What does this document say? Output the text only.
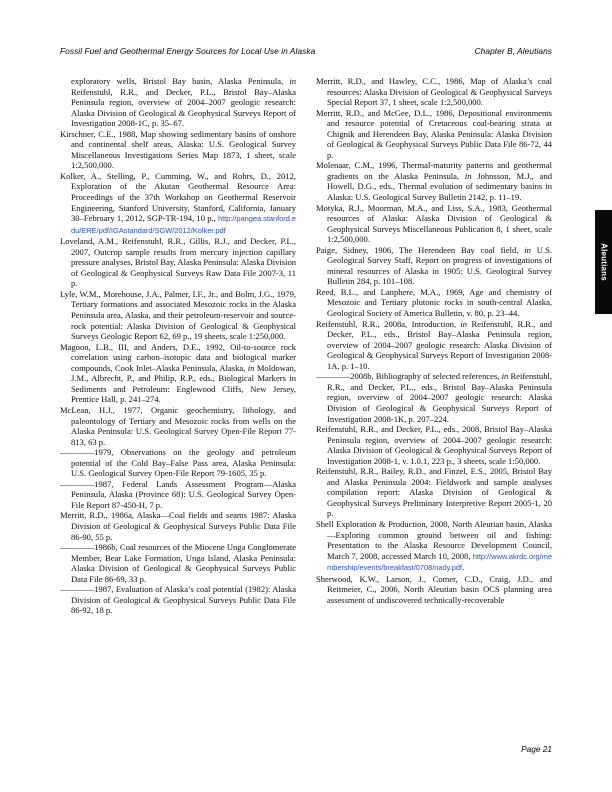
Fossil Fuel and Geothermal Energy Sources for Local Use in Alaska	Chapter B, Aleutians

exploratory wells, Bristol Bay basin, Alaska Peninsula, in Reifenstuhl, R.R., and Decker, P.L., Bristol Bay–Alaska Peninsula region, overview of 2004–2007 geologic research: Alaska Division of Geological & Geophysical Surveys Report of Investigation 2008-1C, p. 35–67.

Kirschner, C.E., 1988, Map showing sedimentary basins of onshore and continental shelf areas, Alaska: U.S. Geological Survey Miscellaneous Investigations Series Map 1873, 1 sheet, scale 1:2,500,000.

Kolker, A., Stelling, P., Cumming, W., and Rohrs, D., 2012, Exploration of the Akutan Geothermal Resource Area: Proceedings of the 37th Workshop on Geothermal Reservoir Engineering, Stanford University, Stanford, California, January 30–February 1, 2012, SGP-TR-194, 10 p., http://pangea.stanford.edu/ERE/pdf/IGAstandard/SGW/2012/Kolker.pdf

Loveland, A.M., Reifenstuhl, R.R., Gillis, R.J., and Decker, P.L., 2007, Outcrop sample results from mercury injection capillary pressure analyses, Bristol Bay, Alaska Peninsula: Alaska Division of Geological & Geophysical Surveys Raw Data File 2007-3, 11 p.

Lyle, W.M., Morehouse, J.A., Palmer, I.F., Jr., and Bolm, J.G., 1979, Tertiary formations and associated Mesozoic rocks in the Alaska Peninsula area, Alaska, and their petroleum-reservoir and source-rock potential: Alaska Division of Geological & Geophysical Surveys Geologic Report 62, 69 p., 19 sheets, scale 1:250,000.

Magoon, L.B., III, and Anders, D.E., 1992, Oil-to-source rock correlation using carbon–isotopic data and biological marker compounds, Cook Inlet–Alaska Peninsula, Alaska, in Moldowan, J.M., Albrecht, P., and Philip, R.P., eds., Biological Markers in Sediments and Petroleum: Englewood Cliffs, New Jersey, Prentice Hall, p. 241–274.

McLean, H.J., 1977, Organic geochemistry, lithology, and paleontology of Tertiary and Mesozoic rocks from wells on the Alaska Peninsula: U.S. Geological Survey Open-File Report 77-813, 63 p.

————1979, Observations on the geology and petroleum potential of the Cold Bay–False Pass area, Alaska Peninsula: U.S. Geological Survey Open-File Report 79-1605, 35 p.

————1987, Federal Lands Assessment Program—Alaska Peninsula, Alaska (Province 68): U.S. Geological Survey Open-File Report 87-450-H, 7 p.

Merritt, R.D., 1986a, Alaska—Coal fields and seams 1987: Alaska Division of Geological & Geophysical Surveys Public Data File 86-90, 55 p.

————1986b, Coal resources of the Miocene Unga Conglomerate Member, Bear Lake Formation, Unga Island, Alaska Peninsula: Alaska Division of Geological & Geophysical Surveys Public Data File 86-69, 33 p.

————1987, Evaluation of Alaska’s coal potential (1982): Alaska Division of Geological & Geophysical Surveys Public Data File 86-92, 18 p.

Merritt, R.D., and Hawley, C.C., 1986, Map of Alaska’s coal resources: Alaska Division of Geological & Geophysical Surveys Special Report 37, 1 sheet, scale 1:2,500,000.

Merritt, R.D., and McGee, D.L., 1986, Depositional environments and resource potential of Cretaceous coal-bearing strata at Chignik and Herendeen Bay, Alaska Peninsula: Alaska Division of Geological & Geophysical Surveys Public Data File 86-72, 44 p.

Molenaar, C.M., 1996, Thermal-maturity patterns and geothermal gradients on the Alaska Peninsula, in Johnsson, M.J., and Howell, D.G., eds., Thermal evolution of sedimentary basins in Alaska: U.S. Geological Survey Bulletin 2142, p. 11–19.

Motyka, R.J., Moorman, M.A., and Liss, S.A., 1983, Geothermal resources of Alaska: Alaska Division of Geological & Geophysical Surveys Miscellaneous Publication 8, 1 sheet, scale 1:2,500,000.

Paige, Sidney, 1906, The Herendeen Bay coal field, in U.S. Geological Survey Staff, Report on progress of investigations of mineral resources of Alaska in 1905: U.S. Geological Survey Bulletin 284, p. 101–108.

Reed, B.L., and Lanphere, M.A., 1969, Age and chemistry of Mesozoic and Tertiary plutonic rocks in south-central Alaska, Geological Society of America Bulletin, v. 80, p. 23–44.

Reifenstuhl, R.R., 2008a, Introduction, in Reifenstuhl, R.R., and Decker, P.L., eds., Bristol Bay–Alaska Peninsula region, overview of 2004–2007 geologic research: Alaska Division of Geological & Geophysical Surveys Report of Investigation 2008-1A, p. 1–10.

————2008b, Bibliography of selected references, in Reifenstuhl, R.R., and Decker, P.L., eds., Bristol Bay–Alaska Peninsula region, overview of 2004–2007 geologic research: Alaska Division of Geological & Geophysical Surveys Report of Investigation 2008-1K, p. 207–224.

Reifenstuhl, R.R., and Decker, P.L., eds., 2008, Bristol Bay–Alaska Peninsula region, overview of 2004–2007 geologic research: Alaska Division of Geological & Geophysical Surveys Report of Investigation 2008-1, v. 1.0.1, 223 p., 3 sheets, scale 1:50,000.

Reifenstuhl, R.R., Bailey, R.D., and Finzel, E.S., 2005, Bristol Bay and Alaska Peninsula 2004: Fieldwork and sample analyses compilation report: Alaska Division of Geological & Geophysical Surveys Preliminary Interpretive Report 2005-1, 20 p.

Shell Exploration & Production, 2008, North Aleutian basin, Alaska—Exploring common ground between oil and fishing: Presentation to the Alaska Resource Development Council, March 7, 2008, accessed March 10, 2008, http://www.akrdc.org/membership/events/breakfast/0708/nady.pdf.

Sherwood, K.W., Larson, J., Comer, C.D., Craig, J.D., and Reitmeier, C., 2006, North Aleutian basin OCS planning area assessment of undiscovered technically-recoverable

Aleutians
Page 21
